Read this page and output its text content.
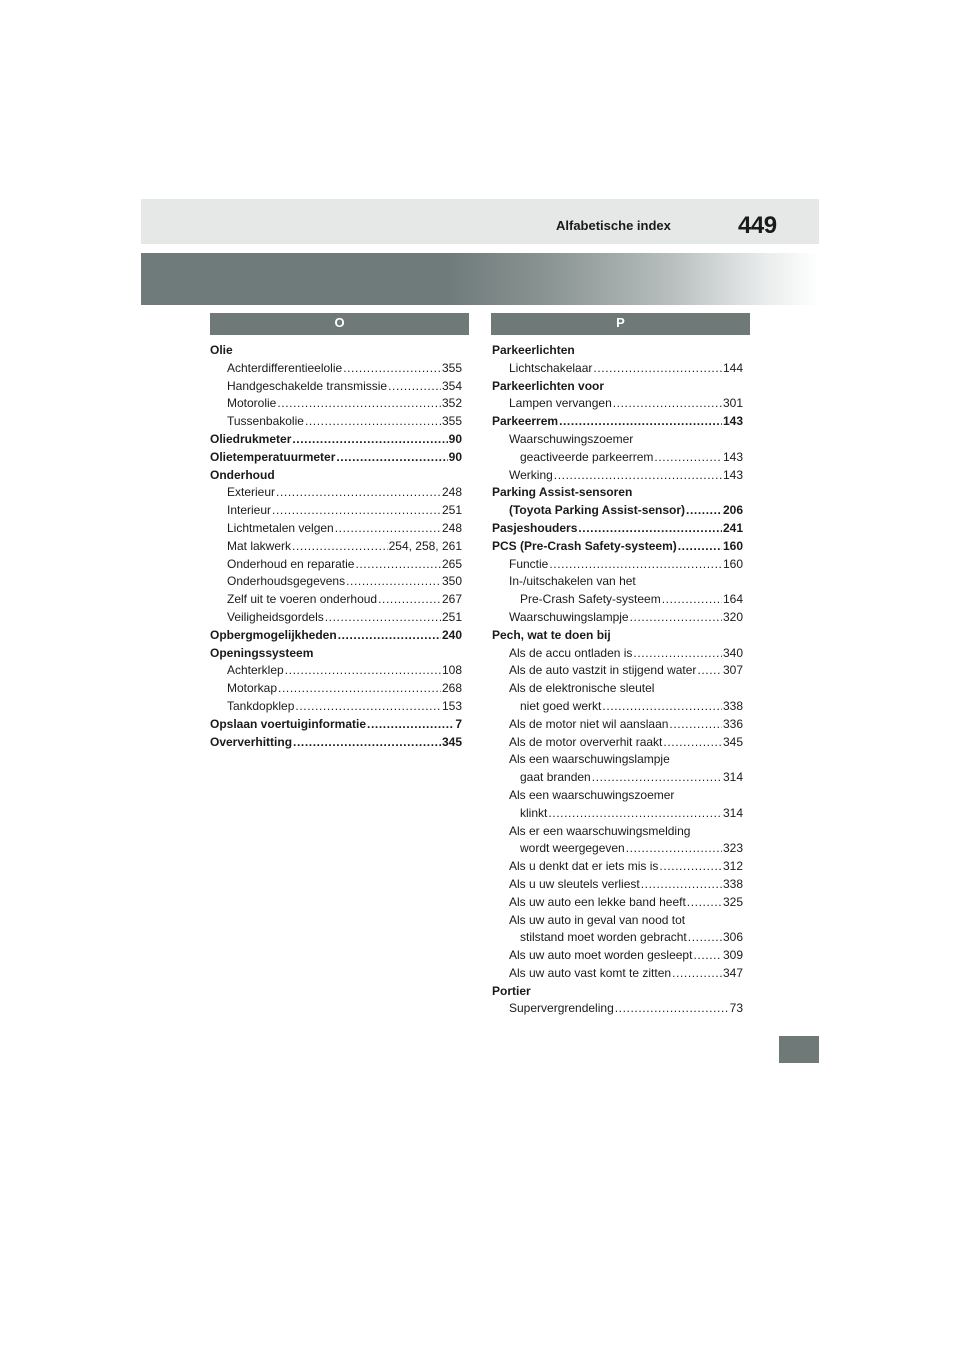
Alfabetische index	449
O	P
Olie
Achterdifferentieelolie .....	355
Handgeschakelde transmissie .....	354
Motorolie .....	352
Tussenbakolie .....	355
Oliedrukmeter .....	90
Olietemperatuurmeter .....	90
Onderhoud
Exterieur .....	248
Interieur .....	251
Lichtmetalen velgen .....	248
Mat lakwerk .....	254, 258, 261
Onderhoud en reparatie .....	265
Onderhoudsgegevens .....	350
Zelf uit te voeren onderhoud .....	267
Veiligheidsgordels .....	251
Opbergmogelijkheden .....	240
Openingssysteem
Achterklep .....	108
Motorkap .....	268
Tankdopklep .....	153
Opslaan voertuiginformatie .....	7
Oververhitting .....	345
Parkeerlichten
Lichtschakelaar .....	144
Parkeerlichten voor
Lampen vervangen .....	301
Parkeerrem .....	143
Waarschuwingszoemer
geactiveerde parkeerrem .....	143
Werking .....	143
Parking Assist-sensoren
(Toyota Parking Assist-sensor) .....	206
Pasjeshouders .....	241
PCS (Pre-Crash Safety-systeem) .....	160
Functie .....	160
In-/uitschakelen van het
Pre-Crash Safety-systeem .....	164
Waarschuwingslampje .....	320
Pech, wat te doen bij
Als de accu ontladen is .....	340
Als de auto vastzit in stijgend water ..... 307
Als de elektronische sleutel
niet goed werkt .....	338
Als de motor niet wil aanslaan .....	336
Als de motor oververhit raakt .....	345
Als een waarschuwingslampje
gaat branden .....	314
Als een waarschuwingszoemer
klinkt .....	314
Als er een waarschuwingsmelding
wordt weergegeven .....	323
Als u denkt dat er iets mis is .....	312
Als u uw sleutels verliest .....	338
Als uw auto een lekke band heeft .....	325
Als uw auto in geval van nood tot
stilstand moet worden gebracht .....	306
Als uw auto moet worden gesleept .....	309
Als uw auto vast komt te zitten .....	347
Portier
Supervergrendeling .....	73
